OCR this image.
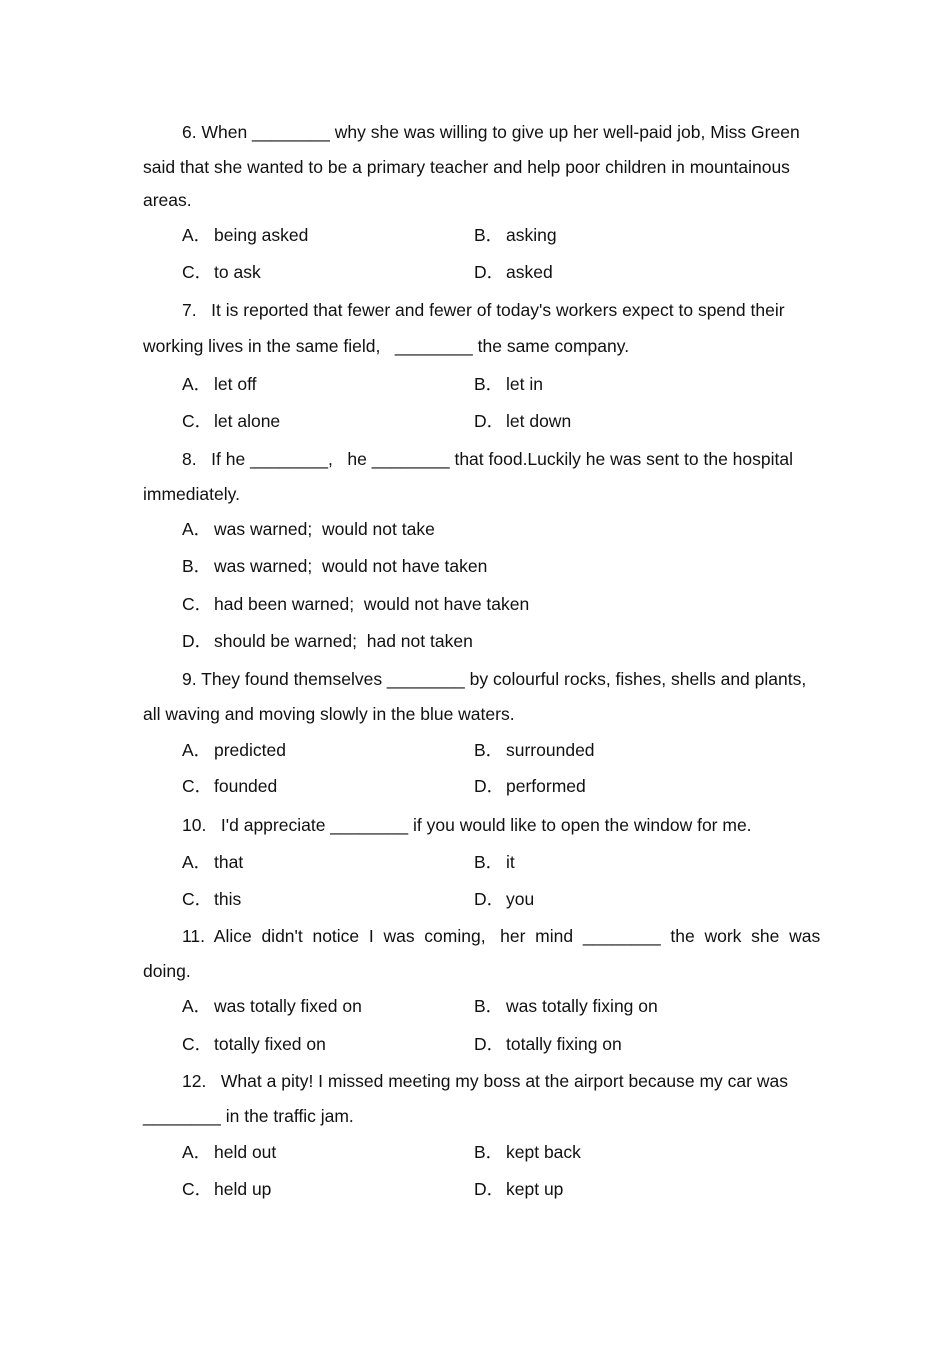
6. When ________ why she was willing to give up her well-paid job, Miss Green
said that she wanted to be a primary teacher and help poor children in mountainous
areas.
A． being asked	B． asking
C． to ask	D． asked
7.   It is reported that fewer and fewer of today's workers expect to spend their
working lives in the same field,   ________ the same company.
A． let off	B． let in
C． let alone	D． let down
8.   If he ________,   he ________ that food.Luckily he was sent to the hospital
immediately.
A． was warned;  would not take
B． was warned;  would not have taken
C． had been warned;  would not have taken
D． should be warned;  had not taken
9. They found themselves ________ by colourful rocks, fishes, shells and plants,
all waving and moving slowly in the blue waters.
A． predicted	B． surrounded
C． founded	D． performed
10.   I'd appreciate ________ if you would like to open the window for me.
A． that	B． it
C． this	D． you
11.  Alice  didn't  notice  I  was  coming,   her  mind  ________  the  work  she  was
doing.
A． was totally fixed on	B． was totally fixing on
C． totally fixed on	D． totally fixing on
12.   What a pity! I missed meeting my boss at the airport because my car was
________ in the traffic jam.
A． held out	B． kept back
C． held up	D． kept up
